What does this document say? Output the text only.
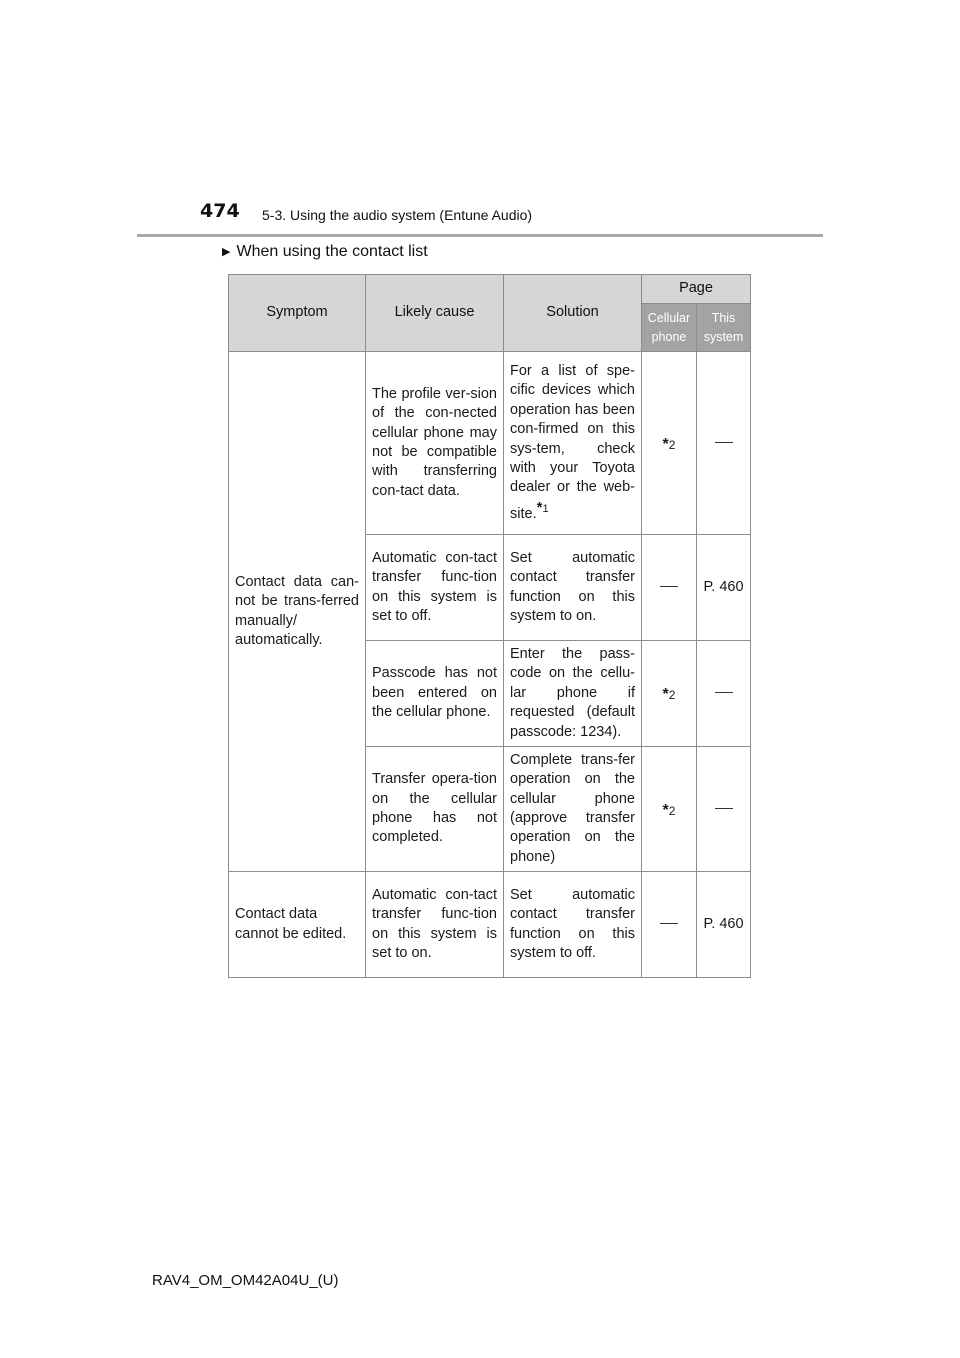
474 5-3. Using the audio system (Entune Audio)
▶ When using the contact list
Symptom	Likely cause	Solution	Page	
			Cellular phone	This system
Contact data can-not be trans-ferred manually/ automatically.	The profile ver-sion of the con-nected cellular phone may not be compatible with transferring con-tact data.	For a list of spe-cific devices which operation has been con-firmed on this sys-tem, check with your Toyota dealer or the web-site.$^{*1}$	*2	
	Automatic con-tact transfer func-tion on this system is set to off.	Set automatic contact transfer function on this system to on.		P. 460
	Passcode has not been entered on the cellular phone.	Enter the pass-code on the cellu-lar phone if requested (default passcode: 1234).	*2	
	Transfer opera-tion on the cellular phone has not completed.	Complete trans-fer operation on the cellular phone (approve transfer operation on the phone)	*2	
Contact data cannot be edited.	Automatic con-tact transfer func-tion on this system is set to on.	Set automatic contact transfer function on this system to off.		P. 460
RAV4_OM_OM42A04U_(U)
